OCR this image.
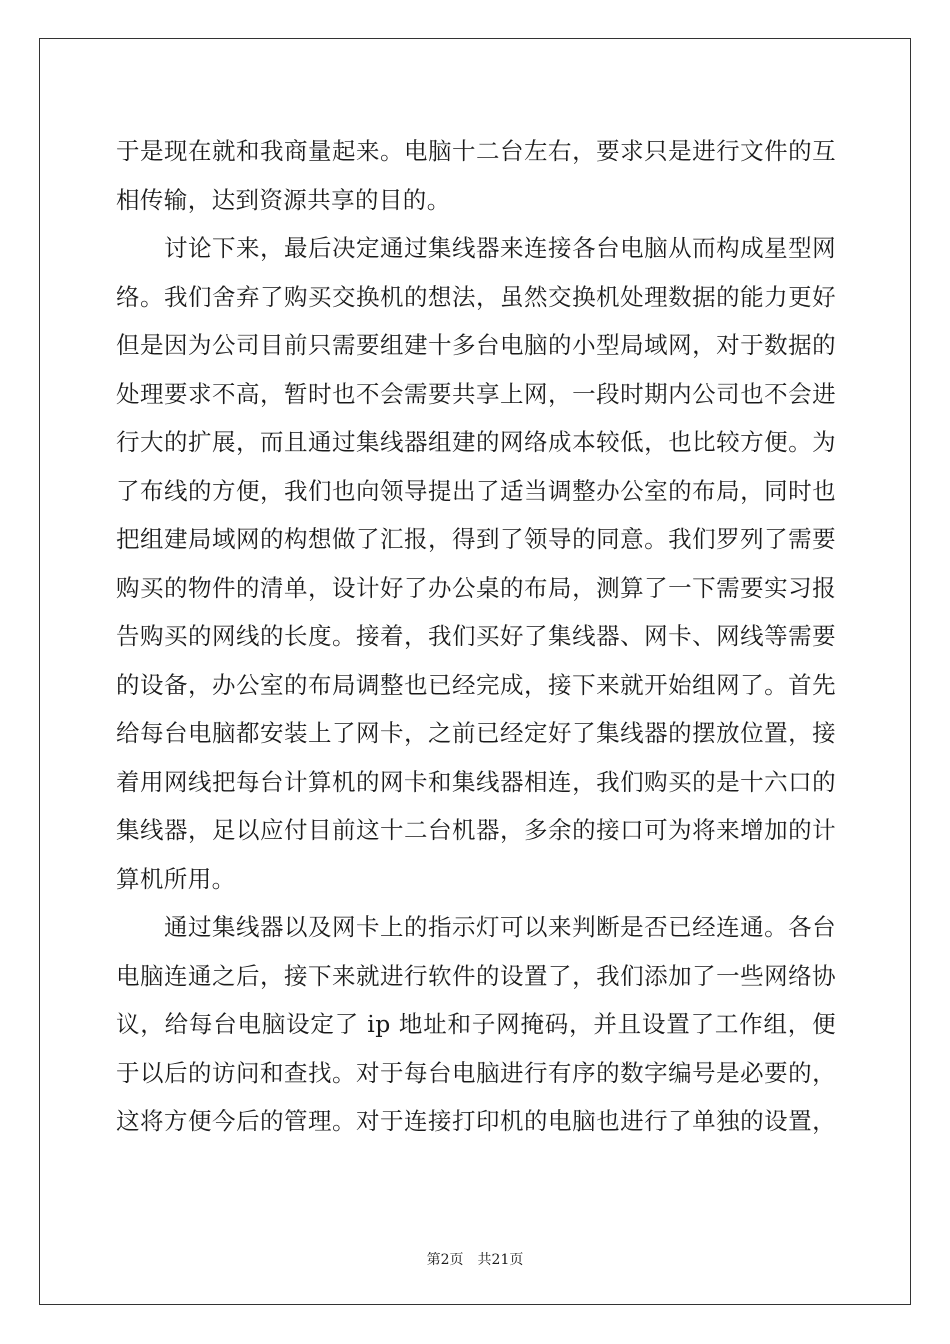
于是现在就和我商量起来。电脑十二台左右，要求只是进行文件的互
相传输，达到资源共享的目的。

　　讨论下来，最后决定通过集线器来连接各台电脑从而构成星型网
络。我们舍弃了购买交换机的想法，虽然交换机处理数据的能力更好
但是因为公司目前只需要组建十多台电脑的小型局域网，对于数据的
处理要求不高，暂时也不会需要共享上网，一段时期内公司也不会进
行大的扩展，而且通过集线器组建的网络成本较低，也比较方便。为
了布线的方便，我们也向领导提出了适当调整办公室的布局，同时也
把组建局域网的构想做了汇报，得到了领导的同意。我们罗列了需要
购买的物件的清单，设计好了办公桌的布局，测算了一下需要实习报
告购买的网线的长度。接着，我们买好了集线器、网卡、网线等需要
的设备，办公室的布局调整也已经完成，接下来就开始组网了。首先
给每台电脑都安装上了网卡，之前已经定好了集线器的摆放位置，接
着用网线把每台计算机的网卡和集线器相连，我们购买的是十六口的
集线器，足以应付目前这十二台机器，多余的接口可为将来增加的计
算机所用。

　　通过集线器以及网卡上的指示灯可以来判断是否已经连通。各台
电脑连通之后，接下来就进行软件的设置了，我们添加了一些网络协
议，给每台电脑设定了 ip 地址和子网掩码，并且设置了工作组，便
于以后的访问和查找。对于每台电脑进行有序的数字编号是必要的，
这将方便今后的管理。对于连接打印机的电脑也进行了单独的设置，

第2页　共21页
